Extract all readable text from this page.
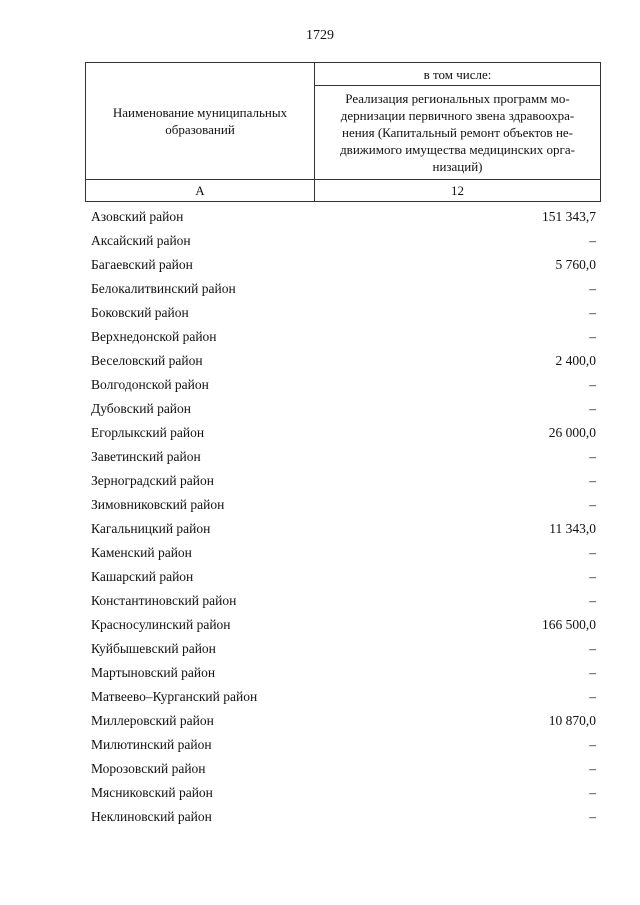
1729
Наименование муниципальных образований	в том числе:

	Реализация региональных программ мо-
дернизации первичного звена здравоохра-
нения (Капитальный ремонт объектов не-
движимого имущества медицинских орга-
низаций)

А	12
Азовский район	151 343,7
Аксайский район	–
Багаевский район	5 760,0
Белокалитвинский район	–
Боковский район	–
Верхнедонской район	–
Веселовский район	2 400,0
Волгодонской район	–
Дубовский район	–
Егорлыкский район	26 000,0
Заветинский район	–
Зерноградский район	–
Зимовниковский район	–
Кагальницкий район	11 343,0
Каменский район	–
Кашарский район	–
Константиновский район	–
Красносулинский район	166 500,0
Куйбышевский район	–
Мартыновский район	–
Матвеево–Курганский район	–
Миллеровский район	10 870,0
Милютинский район	–
Морозовский район	–
Мясниковский район	–
Неклиновский район	–
